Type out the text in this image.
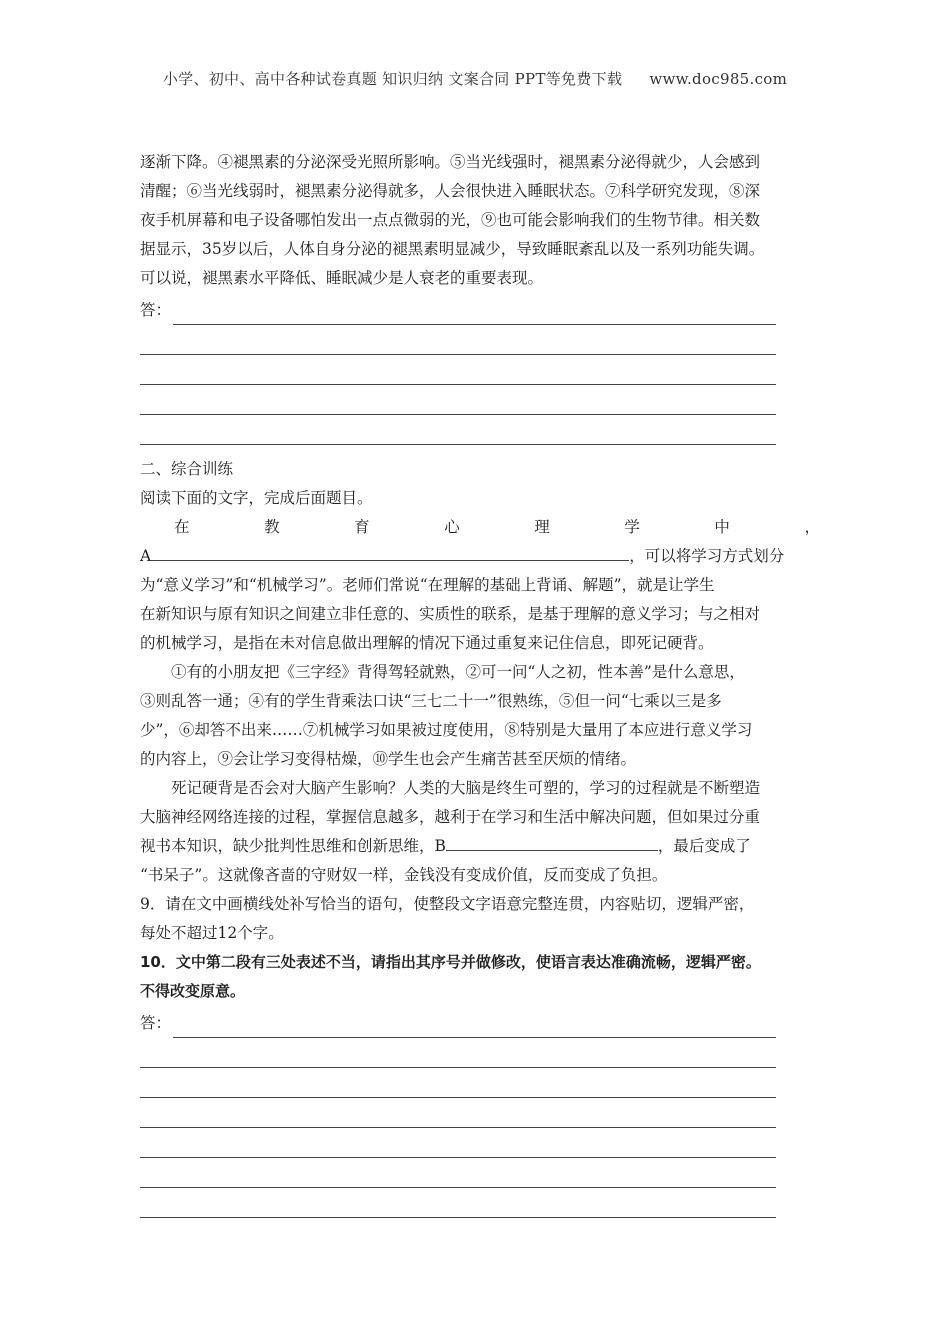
小学、初中、高中各种试卷真题 知识归纳 文案合同 PPT等免费下载 www.doc985.com

逐渐下降。④褪黑素的分泌深受光照所影响。⑤当光线强时，褪黑素分泌得就少，人会感到

清醒；⑥当光线弱时，褪黑素分泌得就多，人会很快进入睡眠状态。⑦科学研究发现，⑧深

夜手机屏幕和电子设备哪怕发出一点点微弱的光，⑨也可能会影响我们的生物节律。相关数

据显示，35岁以后，人体自身分泌的褪黑素明显减少，导致睡眠紊乱以及一系列功能失调。

可以说，褪黑素水平降低、睡眠减少是人衰老的重要表现。

答：

二、综合训练

阅读下面的文字，完成后面题目。

在	教	育	心	理	学	中	，

A	，可以将学习方式划分

为“意义学习”和“机械学习”。老师们常说“在理解的基础上背诵、解题”，就是让学生

在新知识与原有知识之间建立非任意的、实质性的联系，是基于理解的意义学习；与之相对

的机械学习，是指在未对信息做出理解的情况下通过重复来记住信息，即死记硬背。

①有的小朋友把《三字经》背得驾轻就熟，②可一问“人之初，性本善”是什么意思，

③则乱答一通；④有的学生背乘法口诀“三七二十一”很熟练，⑤但一问“七乘以三是多

少”，⑥却答不出来……⑦机械学习如果被过度使用，⑧特别是大量用了本应进行意义学习

的内容上，⑨会让学习变得枯燥，⑩学生也会产生痛苦甚至厌烦的情绪。

死记硬背是否会对大脑产生影响？人类的大脑是终生可塑的，学习的过程就是不断塑造

大脑神经网络连接的过程，掌握信息越多，越利于在学习和生活中解决问题，但如果过分重

视书本知识，缺少批判性思维和创新思维，B	，最后变成了

“书呆子”。这就像吝啬的守财奴一样，金钱没有变成价值，反而变成了负担。

9．请在文中画横线处补写恰当的语句，使整段文字语意完整连贯，内容贴切，逻辑严密，

每处不超过12个字。

10．文中第二段有三处表述不当，请指出其序号并做修改，使语言表达准确流畅，逻辑严密。

不得改变原意。

答：
